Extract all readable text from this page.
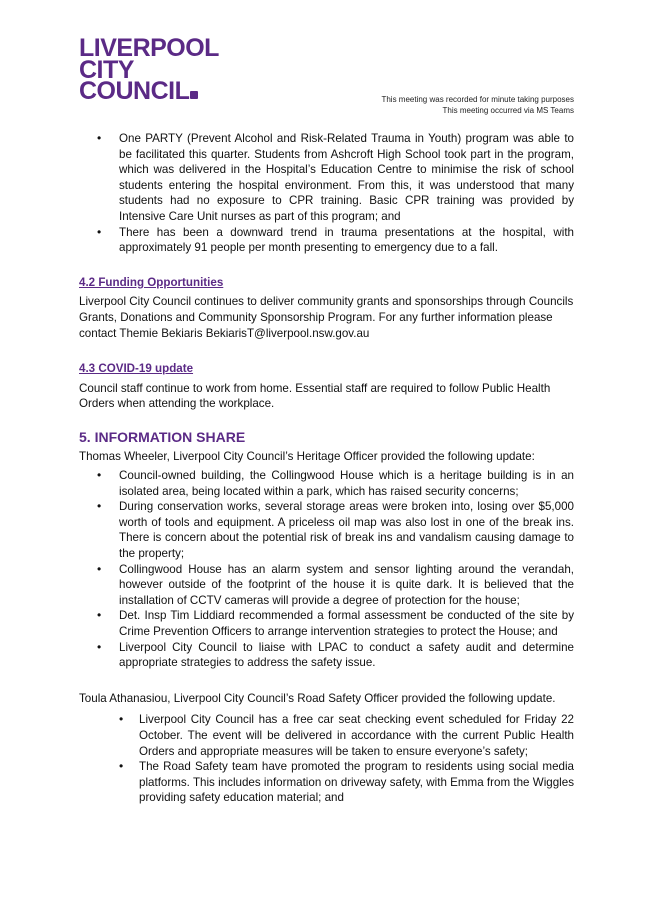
LIVERPOOL
CITY
COUNCIL	This meeting was recorded for minute taking purposes
This meeting occurred via MS Teams
• One PARTY (Prevent Alcohol and Risk-Related Trauma in Youth) program was able to be facilitated this quarter. Students from Ashcroft High School took part in the program, which was delivered in the Hospital’s Education Centre to minimise the risk of school students entering the hospital environment. From this, it was understood that many students had no exposure to CPR training. Basic CPR training was provided by Intensive Care Unit nurses as part of this program; and
• There has been a downward trend in trauma presentations at the hospital, with approximately 91 people per month presenting to emergency due to a fall.

4.2 Funding Opportunities

Liverpool City Council continues to deliver community grants and sponsorships through Councils Grants, Donations and Community Sponsorship Program. For any further information please contact Themie Bekiaris BekiarisT@liverpool.nsw.gov.au

4.3 COVID-19 update

Council staff continue to work from home. Essential staff are required to follow Public Health Orders when attending the workplace.

5. INFORMATION SHARE

Thomas Wheeler, Liverpool City Council’s Heritage Officer provided the following update:

• Council-owned building, the Collingwood House which is a heritage building is in an isolated area, being located within a park, which has raised security concerns;
• During conservation works, several storage areas were broken into, losing over $5,000 worth of tools and equipment. A priceless oil map was also lost in one of the break ins. There is concern about the potential risk of break ins and vandalism causing damage to the property;
• Collingwood House has an alarm system and sensor lighting around the verandah, however outside of the footprint of the house it is quite dark. It is believed that the installation of CCTV cameras will provide a degree of protection for the house;
• Det. Insp Tim Liddiard recommended a formal assessment be conducted of the site by Crime Prevention Officers to arrange intervention strategies to protect the House; and
• Liverpool City Council to liaise with LPAC to conduct a safety audit and determine appropriate strategies to address the safety issue.

Toula Athanasiou, Liverpool City Council’s Road Safety Officer provided the following update.

• Liverpool City Council has a free car seat checking event scheduled for Friday 22 October. The event will be delivered in accordance with the current Public Health Orders and appropriate measures will be taken to ensure everyone’s safety;
• The Road Safety team have promoted the program to residents using social media platforms. This includes information on driveway safety, with Emma from the Wiggles providing safety education material; and
